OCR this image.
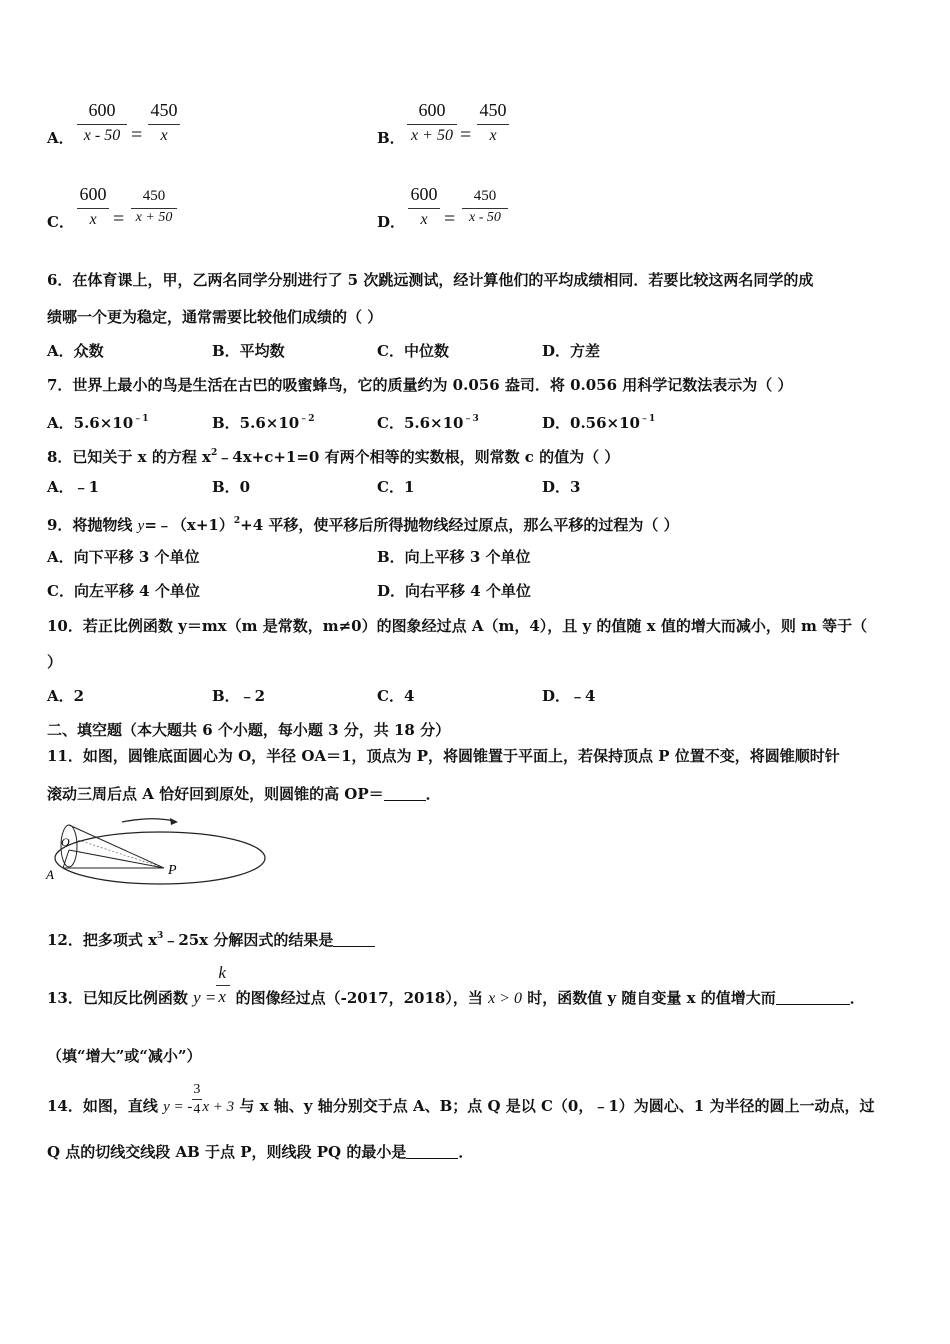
A．
600
x - 50 =
450
x	B．
600
x + 50 =
450
x
C．
600
x =
450
x + 50	D．
600
x =
450
x - 50
6．在体育课上，甲，乙两名同学分别进行了 5 次跳远测试，经计算他们的平均成绩相同．若要比较这两名同学的成
绩哪一个更为稳定，通常需要比较他们成绩的（ ）
A．众数	B．平均数	C．中位数	D．方差
7．世界上最小的鸟是生活在古巴的吸蜜蜂鸟，它的质量约为 0.056 盎司．将 0.056 用科学记数法表示为（ ）
A．$5.6\times 10^{﹣1}$	B．$5.6\times 10^{﹣2}$	C．$5.6\times 10^{﹣3}$	D．$0.56\times 10^{﹣1}$
8．已知关于 x 的方程 $x^2﹣4x+c+1=0$ 有两个相等的实数根，则常数 c 的值为（ ）
A．﹣1	B．0	C．1	D．3
9．将抛物线 $y=﹣(x+1)^2+4$ 平移，使平移后所得抛物线经过原点，那么平移的过程为（ ）
A．向下平移 3 个单位	B．向上平移 3 个单位
C．向左平移 4 个单位	D．向右平移 4 个单位
10．若正比例函数 y＝mx（m 是常数，m≠0）的图象经过点 A（m，4），且 y 的值随 x 值的增大而减小，则 m 等于（
）
A．2	B．﹣2	C．4	D．﹣4
二、填空题（本大题共 6 个小题，每小题 3 分，共 18 分）
11．如图，圆锥底面圆心为 O，半径 OA＝1，顶点为 P，将圆锥置于平面上，若保持顶点 P 位置不变，将圆锥顺时针
滚动三周后点 A 恰好回到原处，则圆锥的高 OP＝	．
O
A	P
12．把多项式 $x^3﹣25x$ 分解因式的结果是
13．已知反比例函数 $y = \frac{k}{x}$ 的图像经过点（-2017，2018），当 x > 0 时，函数值 y 随自变量 x 的值增大而	．
（填“增大”或“减小”）
14．如图，直线 y = - $\frac{3}{4}$ x + 3 与 x 轴、y 轴分别交于点 A、B；点 Q 是以 C（0，﹣1）为圆心、1 为半径的圆上一动点，过
Q 点的切线交线段 AB 于点 P，则线段 PQ 的最小是	．
